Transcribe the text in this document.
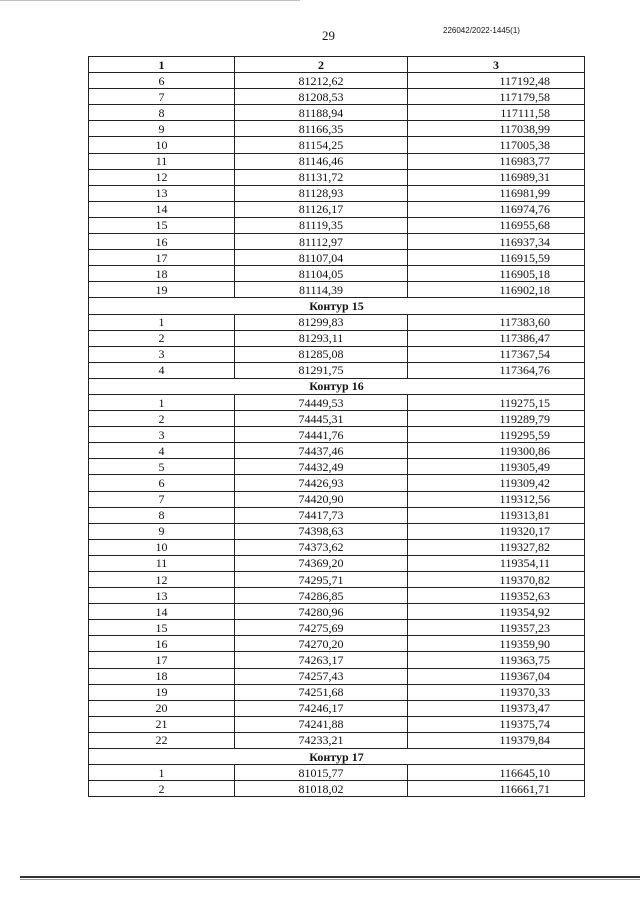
29	226042/2022-1445(1)
1	2	3
6	81212,62	117192,48
7	81208,53	117179,58
8	81188,94	117111,58
9	81166,35	117038,99
10	81154,25	117005,38
11	81146,46	116983,77
12	81131,72	116989,31
13	81128,93	116981,99
14	81126,17	116974,76
15	81119,35	116955,68
16	81112,97	116937,34
17	81107,04	116915,59
18	81104,05	116905,18
19	81114,39	116902,18
Контур 15		
1	81299,83	117383,60
2	81293,11	117386,47
3	81285,08	117367,54
4	81291,75	117364,76
Контур 16		
1	74449,53	119275,15
2	74445,31	119289,79
3	74441,76	119295,59
4	74437,46	119300,86
5	74432,49	119305,49
6	74426,93	119309,42
7	74420,90	119312,56
8	74417,73	119313,81
9	74398,63	119320,17
10	74373,62	119327,82
11	74369,20	119354,11
12	74295,71	119370,82
13	74286,85	119352,63
14	74280,96	119354,92
15	74275,69	119357,23
16	74270,20	119359,90
17	74263,17	119363,75
18	74257,43	119367,04
19	74251,68	119370,33
20	74246,17	119373,47
21	74241,88	119375,74
22	74233,21	119379,84
Контур 17		
1	81015,77	116645,10
2	81018,02	116661,71
